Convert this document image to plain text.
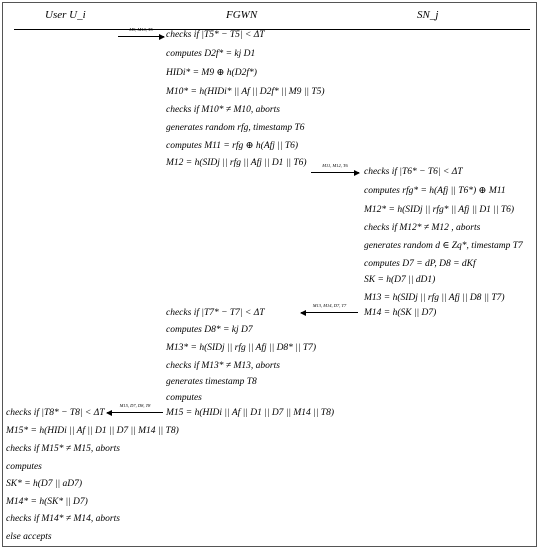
User U_i	FGWN	SN_j
M9, M10, T5
checks if |T5* − T5| < ΔT
computes D2f* = kj D1
HIDi* = M9 ⊕ h(D2f*)
M10* = h(HIDi* || Af || D2f* || M9 || T5)
checks if M10* ≠ M10, aborts
generates random rfg, timestamp T6
computes M11 = rfg ⊕ h(Afj || T6)
M12 = h(SIDj || rfg || Afj || D1 || T6)	M11, M12, T6
checks if |T6* − T6| < ΔT
computes rfg* = h(Afj || T6*) ⊕ M11
M12* = h(SIDj || rfg* || Afj || D1 || T6)
checks if M12* ≠ M12 , aborts
generates random d ∈ Zq*, timestamp T7
computes D7 = dP, D8 = dKf
SK = h(D7 || dD1)
M13 = h(SIDj || rfg || Afj || D8 || T7)
M14 = h(SK || D7)
M13, M14, D7, T7
checks if |T7* − T7| < ΔT
computes D8* = kj D7
M13* = h(SIDj || rfg || Afj || D8* || T7)
checks if M13* ≠ M13, aborts
generates timestamp T8
computes
M15 = h(HIDi || Af || D1 || D7 || M14 || T8)
M15, D7, D8, T8
checks if |T8* − T8| < ΔT
M15* = h(HIDi || Af || D1 || D7 || M14 || T8)
checks if M15* ≠ M15, aborts
computes
SK* = h(D7 || aD7)
M14* = h(SK* || D7)
checks if M14* ≠ M14, aborts
else accepts
